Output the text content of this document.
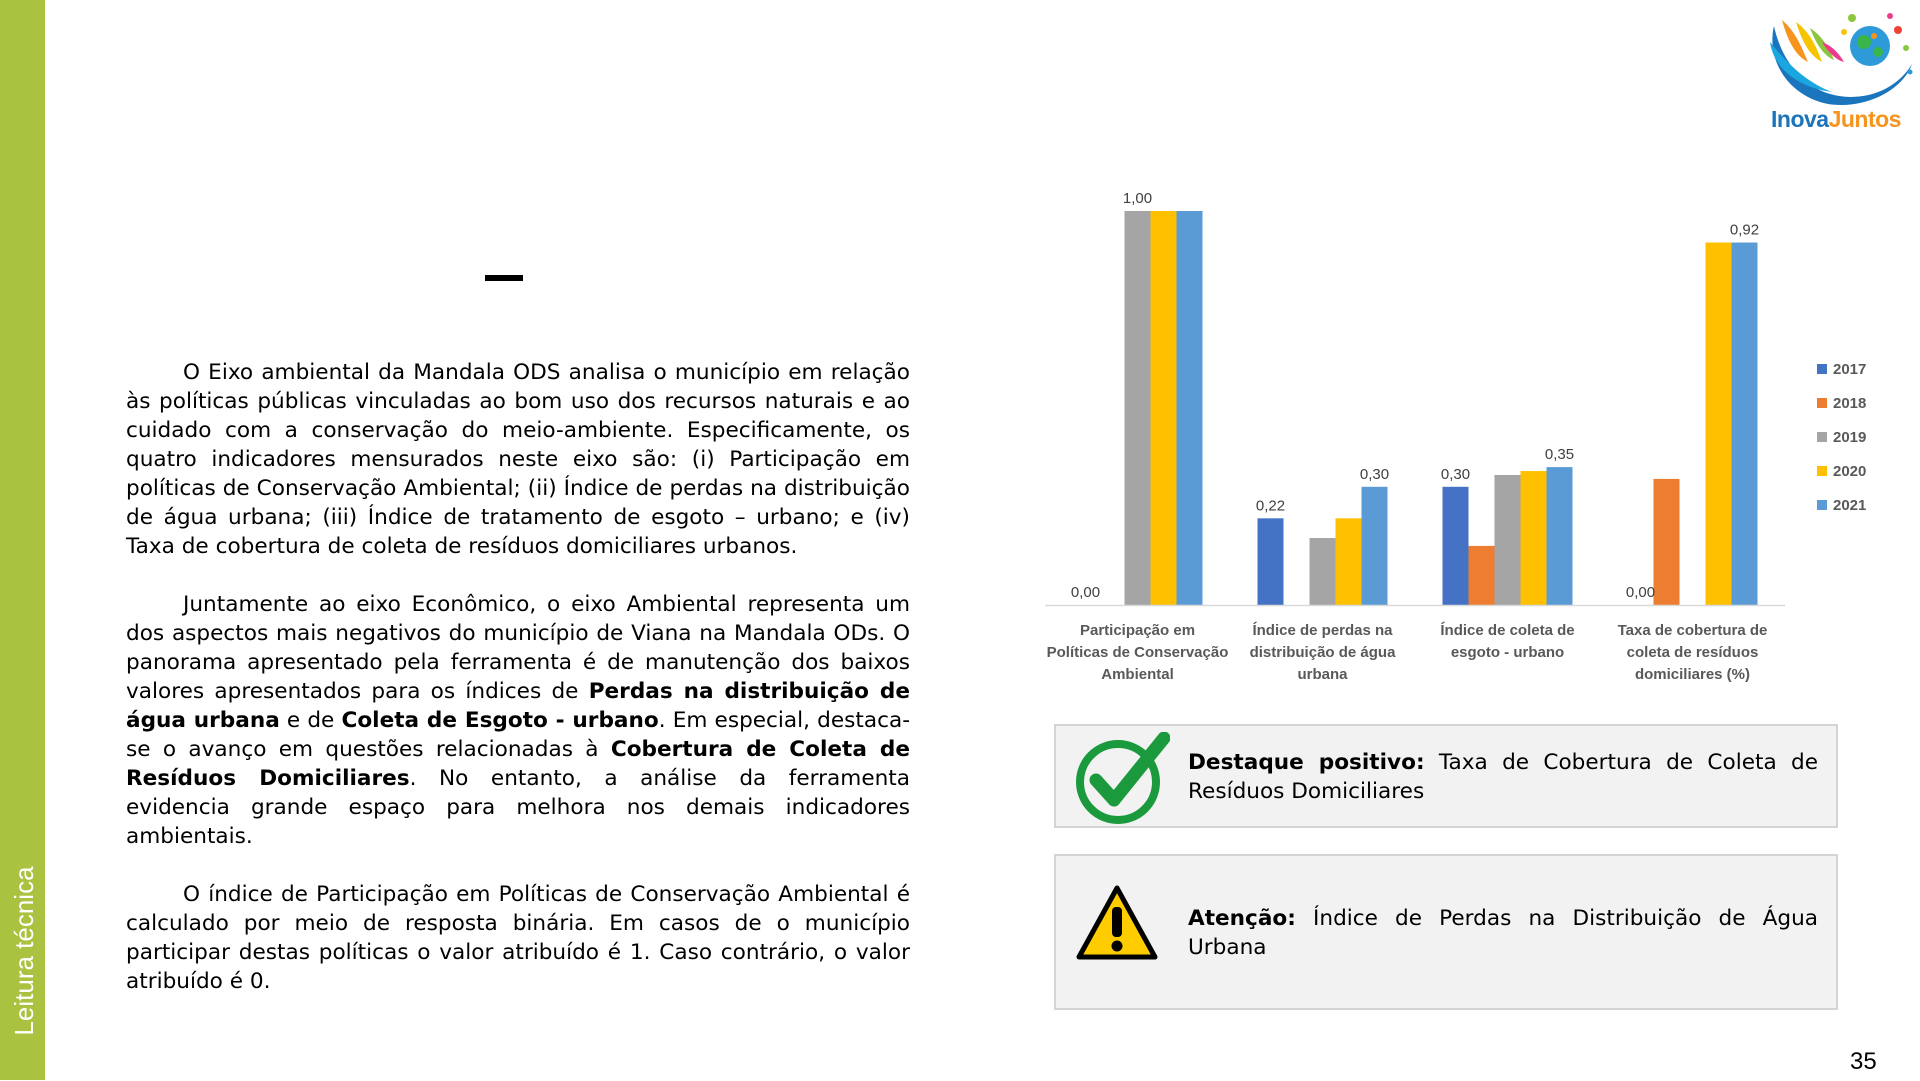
Leitura técnica
InovaJuntos

O Eixo ambiental da Mandala ODS analisa o município em relação às políticas públicas vinculadas ao bom uso dos recursos naturais e ao cuidado com a conservação do meio-ambiente. Especificamente, os quatro indicadores mensurados neste eixo são: (i) Participação em políticas de Conservação Ambiental; (ii) Índice de perdas na distribuição de água urbana; (iii) Índice de tratamento de esgoto – urbano; e (iv) Taxa de cobertura de coleta de resíduos domiciliares urbanos.

Juntamente ao eixo Econômico, o eixo Ambiental representa um dos aspectos mais negativos do município de Viana na Mandala ODs. O panorama apresentado pela ferramenta é de manutenção dos baixos valores apresentados para os índices de Perdas na distribuição de água urbana e de Coleta de Esgoto - urbano. Em especial, destaca-se o avanço em questões relacionadas à Cobertura de Coleta de Resíduos Domiciliares. No entanto, a análise da ferramenta evidencia grande espaço para melhora nos demais indicadores ambientais.

O índice de Participação em Políticas de Conservação Ambiental é calculado por meio de resposta binária. Em casos de o município participar destas políticas o valor atribuído é 1. Caso contrário, o valor atribuído é 0.

0,00
1,00
0,22
0,30	0,30
0,35
0,00
0,92
Participação em Políticas de Conservação Ambiental
Índice de perdas na distribuição de água urbana
Índice de coleta de esgoto - urbano
Taxa de cobertura de coleta de resíduos domiciliares (%)
2017
2018
2019
2020
2021
Destaque positivo: Taxa de Cobertura de Coleta de Resíduos Domiciliares
Atenção: Índice de Perdas na Distribuição de Água Urbana
35
